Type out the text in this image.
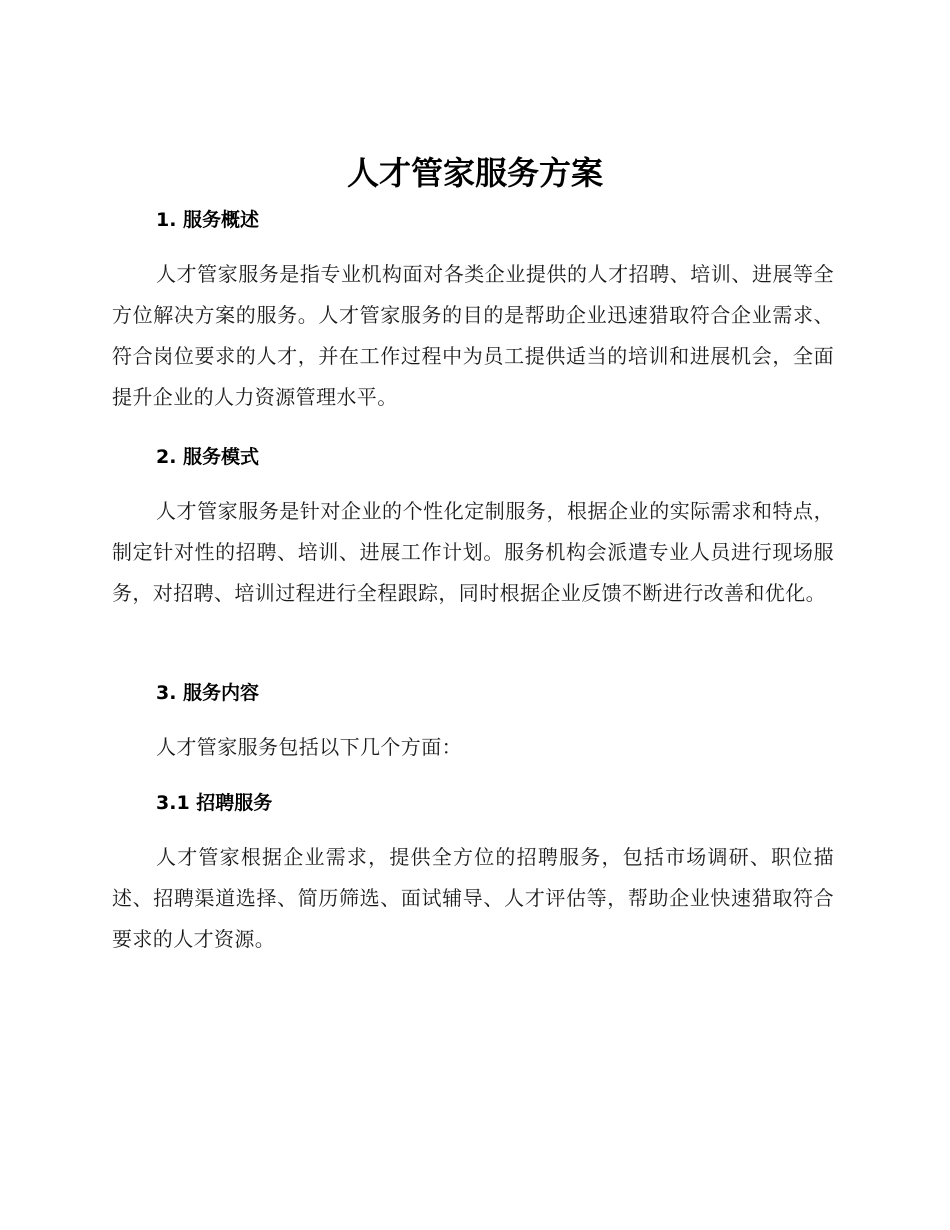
人才管家服务方案
1. 服务概述

人才管家服务是指专业机构面对各类企业提供的人才招聘、培训、进展等全方位解决方案的服务。人才管家服务的目的是帮助企业迅速猎取符合企业需求、符合岗位要求的人才，并在工作过程中为员工提供适当的培训和进展机会，全面提升企业的人力资源管理水平。

2. 服务模式

人才管家服务是针对企业的个性化定制服务，根据企业的实际需求和特点，制定针对性的招聘、培训、进展工作计划。服务机构会派遣专业人员进行现场服务，对招聘、培训过程进行全程跟踪，同时根据企业反馈不断进行改善和优化。

3. 服务内容

人才管家服务包括以下几个方面：

3.1 招聘服务

人才管家根据企业需求，提供全方位的招聘服务，包括市场调研、职位描述、招聘渠道选择、简历筛选、面试辅导、人才评估等，帮助企业快速猎取符合要求的人才资源。
